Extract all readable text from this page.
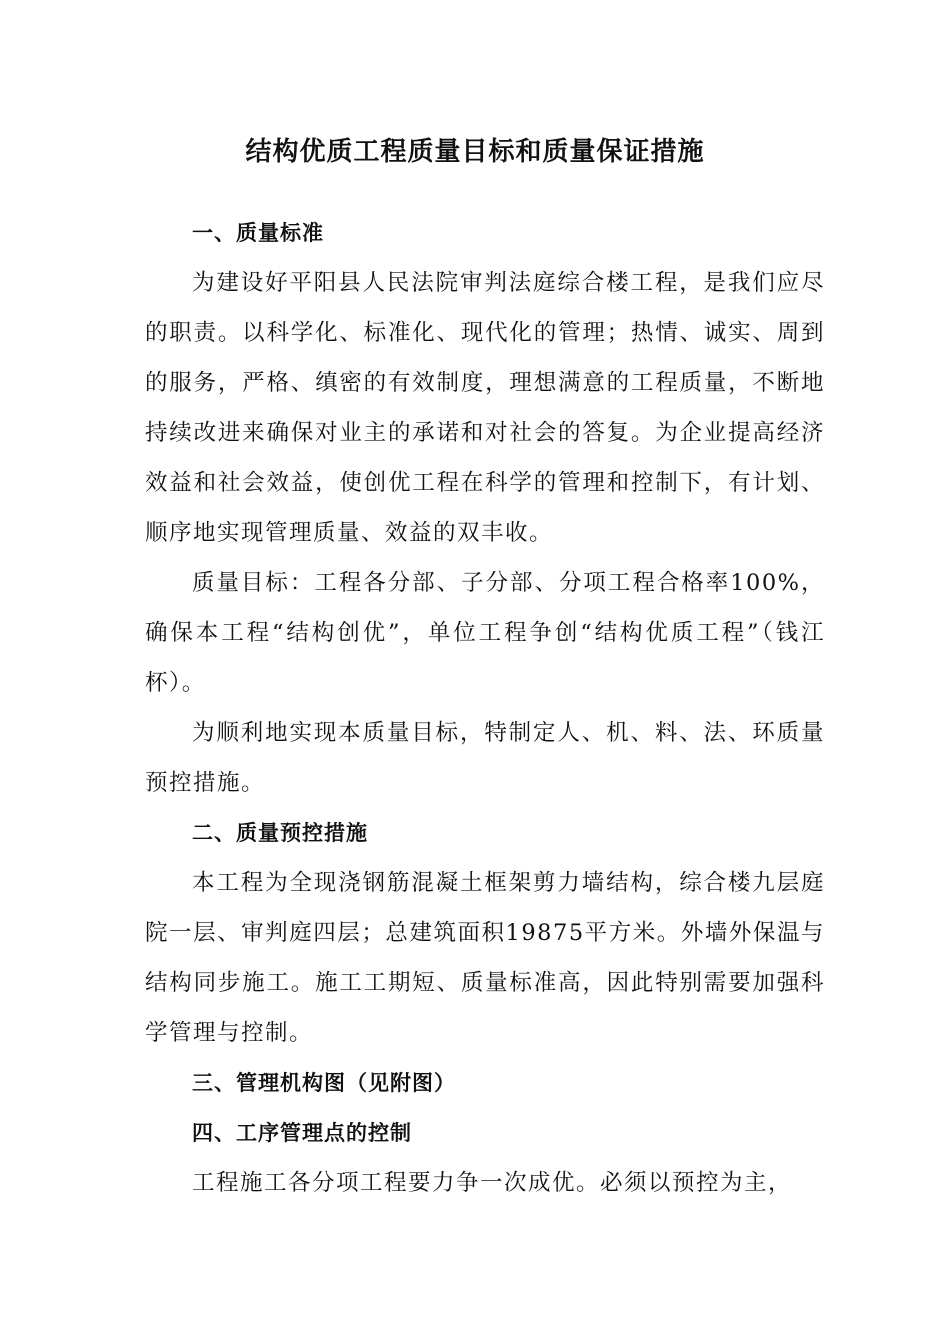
结构优质工程质量目标和质量保证措施
一、质量标准

为建设好平阳县人民法院审判法庭综合楼工程，是我们应尽的职责。以科学化、标准化、现代化的管理；热情、诚实、周到的服务，严格、缜密的有效制度，理想满意的工程质量，不断地持续改进来确保对业主的承诺和对社会的答复。为企业提高经济效益和社会效益，使创优工程在科学的管理和控制下，有计划、顺序地实现管理质量、效益的双丰收。

质量目标：工程各分部、子分部、分项工程合格率100%，确保本工程“结构创优”，单位工程争创“结构优质工程”（钱江杯）。

为顺利地实现本质量目标，特制定人、机、料、法、环质量预控措施。

二、质量预控措施

本工程为全现浇钢筋混凝土框架剪力墙结构，综合楼九层庭院一层、审判庭四层；总建筑面积19875平方米。外墙外保温与结构同步施工。施工工期短、质量标准高，因此特别需要加强科学管理与控制。

三、管理机构图（见附图）
四、工序管理点的控制

工程施工各分项工程要力争一次成优。必须以预控为主，
